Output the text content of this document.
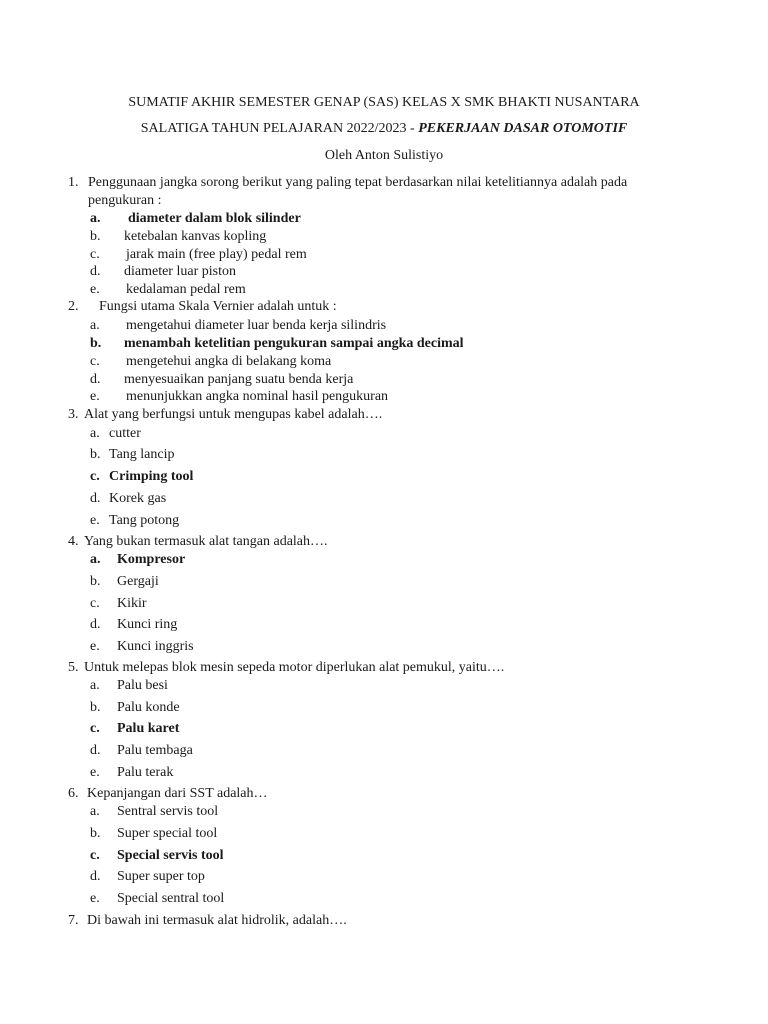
SUMATIF AKHIR SEMESTER GENAP (SAS) KELAS X SMK BHAKTI NUSANTARA
SALATIGA TAHUN PELAJARAN 2022/2023 - PEKERJAAN DASAR OTOMOTIF
Oleh Anton Sulistiyo
1. Penggunaan jangka sorong berikut yang paling tepat berdasarkan nilai ketelitiannya adalah pada
pengukuran :
a. diameter dalam blok silinder
b. ketebalan kanvas kopling
c. jarak main (free play) pedal rem
d. diameter luar piston
e. kedalaman pedal rem
2. Fungsi utama Skala Vernier adalah untuk :
a. mengetahui diameter luar benda kerja silindris
b. menambah ketelitian pengukuran sampai angka decimal
c. mengetehui angka di belakang koma
d. menyesuaikan panjang suatu benda kerja
e. menunjukkan angka nominal hasil pengukuran
3. Alat yang berfungsi untuk mengupas kabel adalah….
a. cutter
b. Tang lancip
c. Crimping tool
d. Korek gas
e. Tang potong
4. Yang bukan termasuk alat tangan adalah….
a. Kompresor
b. Gergaji
c. Kikir
d. Kunci ring
e. Kunci inggris
5. Untuk melepas blok mesin sepeda motor diperlukan alat pemukul, yaitu….
a. Palu besi
b. Palu konde
c. Palu karet
d. Palu tembaga
e. Palu terak
6. Kepanjangan dari SST adalah…
a. Sentral servis tool
b. Super special tool
c. Special servis tool
d. Super super top
e. Special sentral tool
7. Di bawah ini termasuk alat hidrolik, adalah….
